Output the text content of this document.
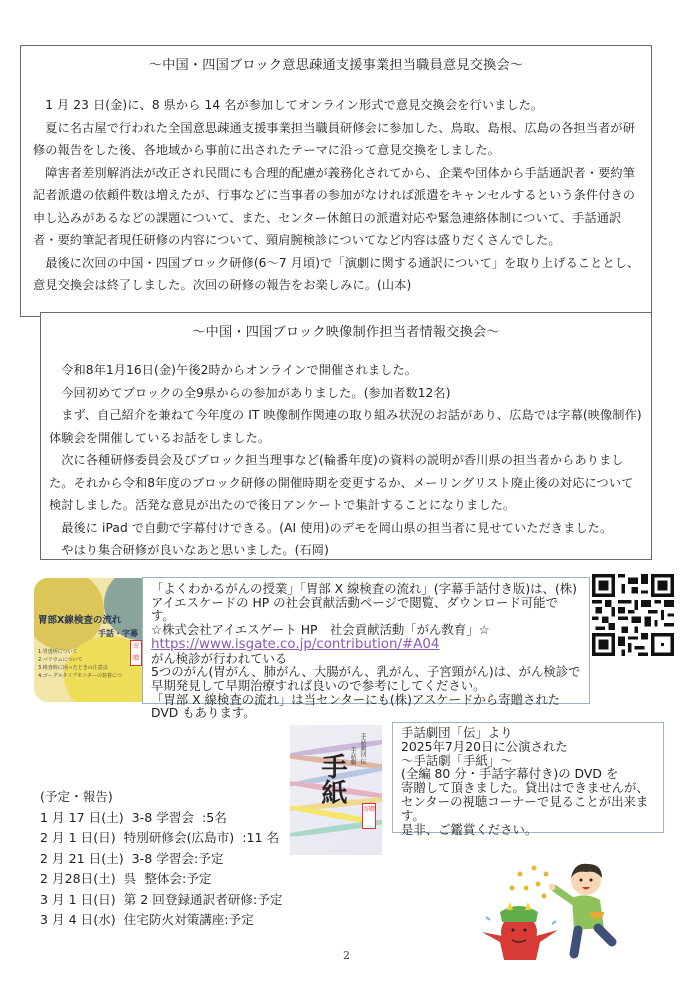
～中国・四国ブロック意思疎通支援事業担当職員意見交換会～

1 月 23 日(金)に、8 県から 14 名が参加してオンライン形式で意見交換会を行いました。

夏に名古屋で行われた全国意思疎通支援事業担当職員研修会に参加した、鳥取、島根、広島の各担当者が研修の報告をした後、各地域から事前に出されたテーマに沿って意見交換をしました。

障害者差別解消法が改正され民間にも合理的配慮が義務化されてから、企業や団体から手話通訳者・要約筆記者派遣の依頼件数は増えたが、行事などに当事者の参加がなければ派遣をキャンセルするという条件付きの申し込みがあるなどの課題について、また、センター休館日の派遣対応や緊急連絡体制について、手話通訳者・要約筆記者現任研修の内容について、頸肩腕検診についてなど内容は盛りだくさんでした。

最後に次回の中国・四国ブロック研修(6～7 月頃)で「演劇に関する通訳について」を取り上げることとし、意見交換会は終了しました。次回の研修の報告をお楽しみに。(山本)

～中国・四国ブロック映像制作担当者情報交換会～

令和8年1月16日(金)午後2時からオンラインで開催されました。

今回初めてブロックの全9県からの参加がありました。(参加者数12名)

まず、自己紹介を兼ねて今年度の IT 映像制作関連の取り組み状況のお話があり、広島では字幕(映像制作)体験会を開催しているお話をしました。

次に各種研修委員会及びブロック担当理事など(輪番年度)の資料の説明が香川県の担当者からありました。それから令和8年度のブロック研修の開催時期を変更するか、メーリングリスト廃止後の対応について検討しました。活発な意見が出たので後日アンケートで集計することになりました。

最後に iPad で自動で字幕付けできる。(AI 使用)のデモを岡山県の担当者に見せていただきました。

やはり集合研修が良いなあと思いました。(石岡)

胃部X線検査の流れ
手話・字幕
1.胃透析について
2.バリウムについて
3.検査時に困ったときの注意点
4.ゴーグルタイプモニターの装着につ
寄贈
「よくわかるがんの授業」「胃部 X 線検査の流れ」(字幕手話付き版)は、(株)アイエスケードの HP の社会貢献活動ページで閲覧、ダウンロード可能です。
☆株式会社アイエスゲート HP　社会貢献活動「がん教育」☆
https://www.isgate.co.jp/contribution/#A04
がん検診が行われている
5つのがん(胃がん、肺がん、大腸がん、乳がん、子宮頸がん)は、がん検診で早期発見して早期治療すれば良いので参考にしてください。
「胃部 X 線検査の流れ」は当センターにも(株)アスケードから寄贈された DVD もあります。
手話劇団 伝
手話劇
手紙
寄贈
手話劇団「伝」より
2025年7月20日に公演された
～手話劇「手紙」～
(全編 80 分・手話字幕付き)の DVD を
寄贈して頂きました。貸出はできませんが、
センターの視聴コーナーで見ることが出来ます。
是非、ご鑑賞ください。
(予定・報告)
1 月 17 日(土)  3-8 学習会  :5名
2 月 1 日(日)  特別研修会(広島市)  :11 名
2 月 21 日(土)  3-8 学習会:予定
2 月28日(土)  呉  整体会:予定
3 月 1 日(日)  第 2 回登録通訳者研修:予定
3 月 4 日(水)  住宅防火対策講座:予定
2
